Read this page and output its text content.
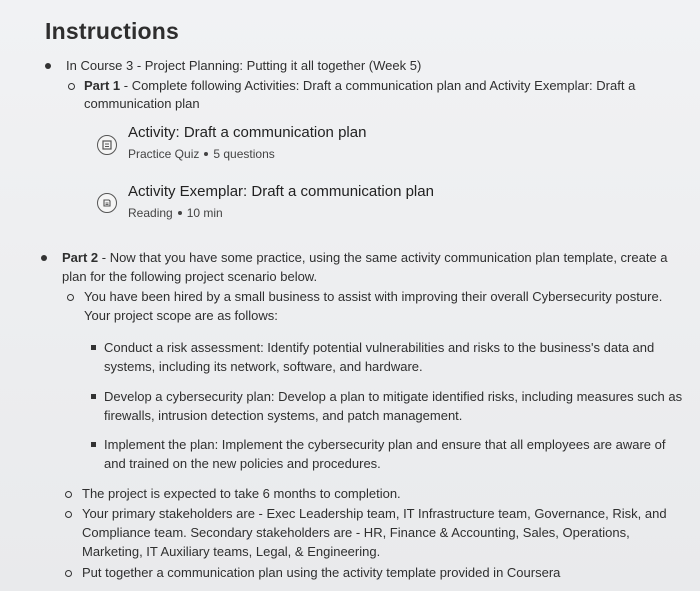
Instructions
In Course 3 - Project Planning: Putting it all together (Week 5)
Part 1 - Complete following Activities: Draft a communication plan and Activity Exemplar: Draft a
communication plan
Activity: Draft a communication plan
Practice Quiz 5 questions
Activity Exemplar: Draft a communication plan
Reading 10 min
Part 2 - Now that you have some practice, using the same activity communication plan template, create a
plan for the following project scenario below.
You have been hired by a small business to assist with improving their overall Cybersecurity posture.
Your project scope are as follows:
Conduct a risk assessment: Identify potential vulnerabilities and risks to the business's data and
systems, including its network, software, and hardware.
Develop a cybersecurity plan: Develop a plan to mitigate identified risks, including measures such as
firewalls, intrusion detection systems, and patch management.
Implement the plan: Implement the cybersecurity plan and ensure that all employees are aware of
and trained on the new policies and procedures.
The project is expected to take 6 months to completion.
Your primary stakeholders are - Exec Leadership team, IT Infrastructure team, Governance, Risk, and
Compliance team. Secondary stakeholders are - HR, Finance & Accounting, Sales, Operations,
Marketing, IT Auxiliary teams, Legal, & Engineering.
Put together a communication plan using the activity template provided in Coursera
